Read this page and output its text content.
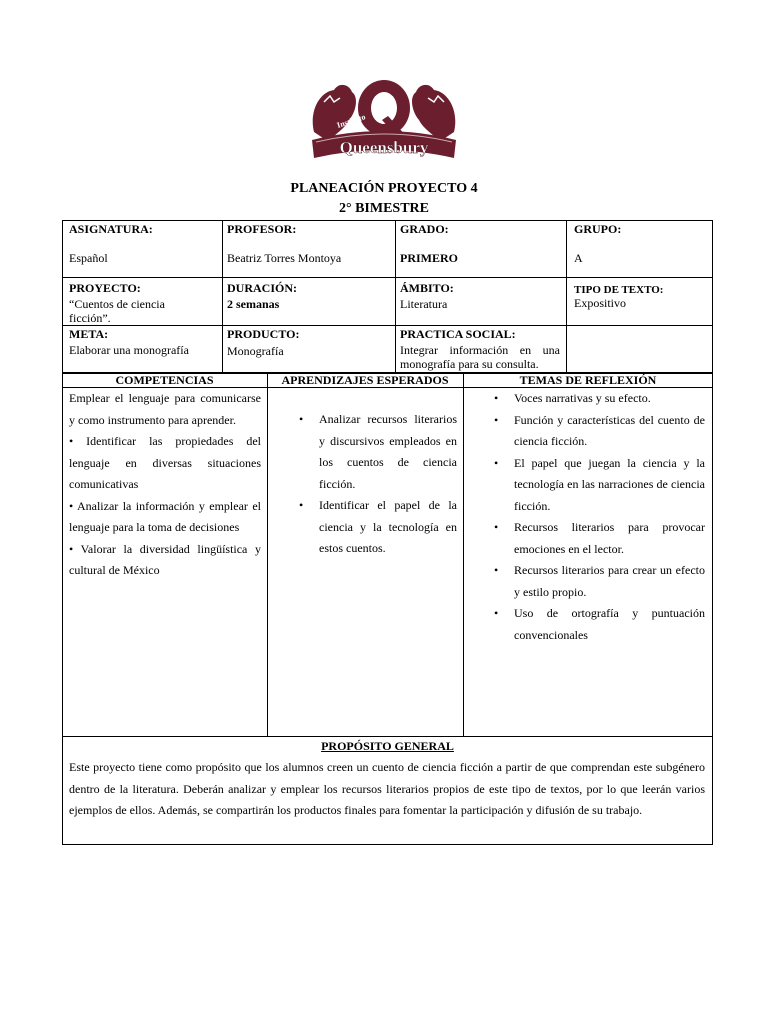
Queensbury
Instituto
PLANEACIÓN PROYECTO 4
2° BIMESTRE
ASIGNATURA:
Español
PROFESOR:
Beatriz Torres Montoya
GRADO:
PRIMERO
GRUPO:
A
PROYECTO:
“Cuentos de ciencia ficción”.
DURACIÓN:
2 semanas
ÁMBITO:
Literatura
TIPO DE TEXTO:
Expositivo
META:
Elaborar una monografía
PRODUCTO:
Monografía
PRACTICA SOCIAL:
Integrar información en una monografía para su consulta.
COMPETENCIAS	APRENDIZAJES ESPERADOS	TEMAS DE REFLEXIÓN
Emplear el lenguaje para comunicarse y como instrumento para aprender.
• Identificar las propiedades del lenguaje en diversas situaciones comunicativas
• Analizar la información y emplear el lenguaje para la toma de decisiones
• Valorar la diversidad lingüística y cultural de México
• Analizar recursos literarios y discursivos empleados en los cuentos de ciencia ficción.
• Identificar el papel de la ciencia y la tecnología en estos cuentos.
• Voces narrativas y su efecto.
• Función y características del cuento de ciencia ficción.
• El papel que juegan la ciencia y la tecnología en las narraciones de ciencia ficción.
• Recursos literarios para provocar emociones en el lector.
• Recursos literarios para crear un efecto y estilo propio.
• Uso de ortografía y puntuación convencionales
PROPÓSITO GENERAL
Este proyecto tiene como propósito que los alumnos creen un cuento de ciencia ficción a partir de que comprendan este subgénero dentro de la literatura. Deberán analizar y emplear los recursos literarios propios de este tipo de textos, por lo que leerán varios ejemplos de ellos. Además, se compartirán los productos finales para fomentar la participación y difusión de su trabajo.
